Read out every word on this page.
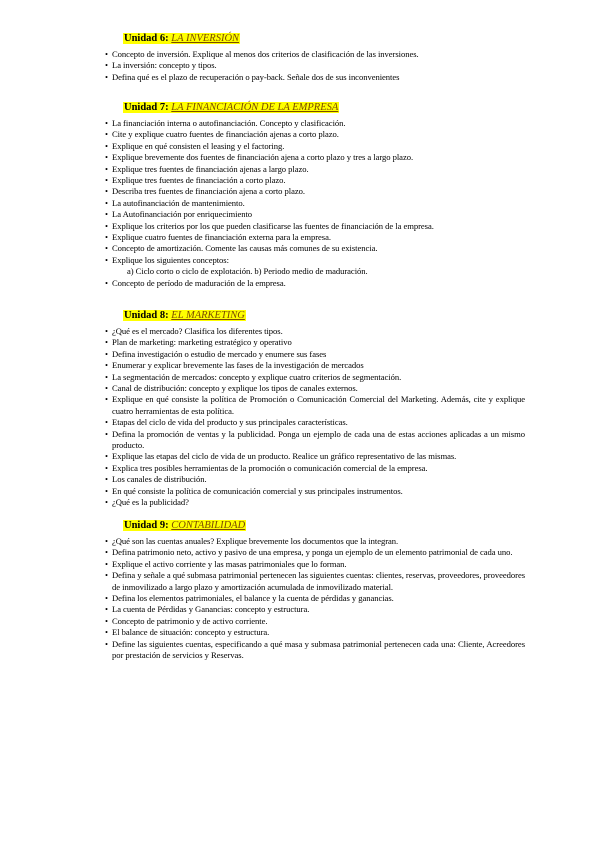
Unidad 6: LA INVERSIÓN

• Concepto de inversión. Explique al menos dos criterios de clasificación de las inversiones.
• La inversión: concepto y tipos.
• Defina qué es el plazo de recuperación o pay-back. Señale dos de sus inconvenientes

Unidad 7: LA FINANCIACIÓN DE LA EMPRESA

• La financiación interna o autofinanciación. Concepto y clasificación.
• Cite y explique cuatro fuentes de financiación ajenas a corto plazo.
• Explique en qué consisten el leasing y el factoring.
• Explique brevemente dos fuentes de financiación ajena a corto plazo y tres a largo plazo.
• Explique tres fuentes de financiación ajenas a largo plazo.
• Explique tres fuentes de financiación a corto plazo.
• Describa tres fuentes de financiación ajena a corto plazo.
• La autofinanciación de mantenimiento.
• La Autofinanciación por enriquecimiento
• Explique los criterios por los que pueden clasificarse las fuentes de financiación de la empresa.
• Explique cuatro fuentes de financiación externa para la empresa.
• Concepto de amortización. Comente las causas más comunes de su existencia.
• Explique los siguientes conceptos:
a) Ciclo corto o ciclo de explotación. b) Periodo medio de maduración.
• Concepto de período de maduración de la empresa.

Unidad 8: EL MARKETING

• ¿Qué es el mercado? Clasifica los diferentes tipos.
• Plan de marketing: marketing estratégico y operativo
• Defina investigación o estudio de mercado y enumere sus fases
• Enumerar y explicar brevemente las fases de la investigación de mercados
• La segmentación de mercados: concepto y explique cuatro criterios de segmentación.
• Canal de distribución: concepto y explique los tipos de canales externos.
• Explique en qué consiste la política de Promoción o Comunicación Comercial del Marketing. Además, cite y explique cuatro herramientas de esta política.
• Etapas del ciclo de vida del producto y sus principales características.
• Defina la promoción de ventas y la publicidad. Ponga un ejemplo de cada una de estas acciones aplicadas a un mismo producto.
• Explique las etapas del ciclo de vida de un producto. Realice un gráfico representativo de las mismas.
• Explica tres posibles herramientas de la promoción o comunicación comercial de la empresa.
• Los canales de distribución.
• En qué consiste la política de comunicación comercial y sus principales instrumentos.
• ¿Qué es la publicidad?

Unidad 9: CONTABILIDAD

• ¿Qué son las cuentas anuales? Explique brevemente los documentos que la integran.
• Defina patrimonio neto, activo y pasivo de una empresa, y ponga un ejemplo de un elemento patrimonial de cada uno.
• Explique el activo corriente y las masas patrimoniales que lo forman.
• Defina y señale a qué submasa patrimonial pertenecen las siguientes cuentas: clientes, reservas, proveedores, proveedores de inmovilizado a largo plazo y amortización acumulada de inmovilizado material.
• Defina los elementos patrimoniales, el balance y la cuenta de pérdidas y ganancias.
• La cuenta de Pérdidas y Ganancias: concepto y estructura.
• Concepto de patrimonio y de activo corriente.
• El balance de situación: concepto y estructura.
• Define las siguientes cuentas, especificando a qué masa y submasa patrimonial pertenecen cada una: Cliente, Acreedores por prestación de servicios y Reservas.
